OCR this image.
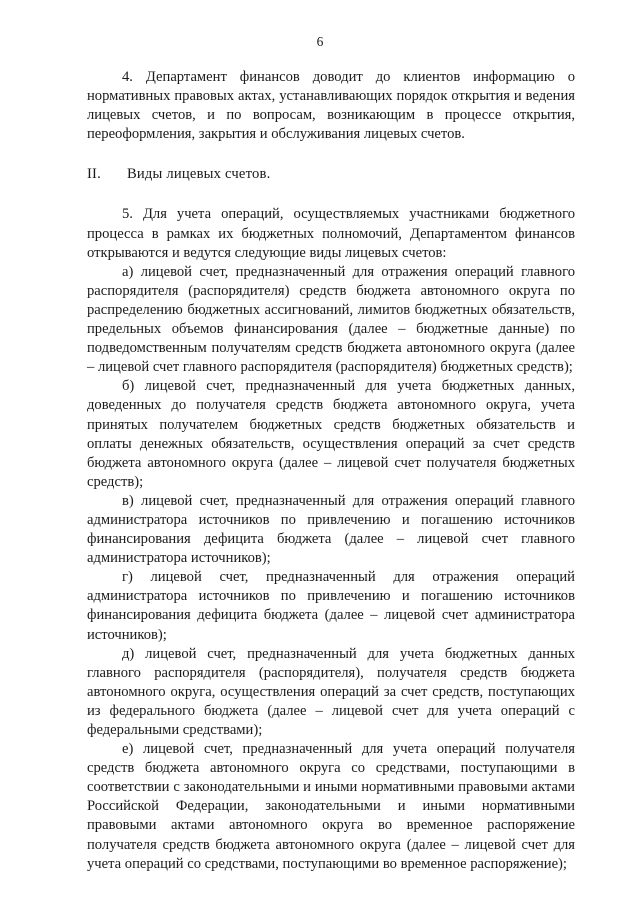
6

4. Департамент финансов доводит до клиентов информацию о нормативных правовых актах, устанавливающих порядок открытия и ведения лицевых счетов, и по вопросам, возникающим в процессе открытия, переоформления, закрытия и обслуживания лицевых счетов.

II. Виды лицевых счетов.

5. Для учета операций, осуществляемых участниками бюджетного процесса в рамках их бюджетных полномочий, Департаментом финансов открываются и ведутся следующие виды лицевых счетов:

а) лицевой счет, предназначенный для отражения операций главного распорядителя (распорядителя) средств бюджета автономного округа по распределению бюджетных ассигнований, лимитов бюджетных обязательств, предельных объемов финансирования (далее – бюджетные данные) по подведомственным получателям средств бюджета автономного округа (далее – лицевой счет главного распорядителя (распорядителя) бюджетных средств);

б) лицевой счет, предназначенный для учета бюджетных данных, доведенных до получателя средств бюджета автономного округа, учета принятых получателем бюджетных средств бюджетных обязательств и оплаты денежных обязательств, осуществления операций за счет средств бюджета автономного округа (далее – лицевой счет получателя бюджетных средств);

в) лицевой счет, предназначенный для отражения операций главного администратора источников по привлечению и погашению источников финансирования дефицита бюджета (далее – лицевой счет главного администратора источников);

г) лицевой счет, предназначенный для отражения операций администратора источников по привлечению и погашению источников финансирования дефицита бюджета (далее – лицевой счет администратора источников);

д) лицевой счет, предназначенный для учета бюджетных данных главного распорядителя (распорядителя), получателя средств бюджета автономного округа, осуществления операций за счет средств, поступающих из федерального бюджета (далее – лицевой счет для учета операций с федеральными средствами);

е) лицевой счет, предназначенный для учета операций получателя средств бюджета автономного округа со средствами, поступающими в соответствии с законодательными и иными нормативными правовыми актами Российской Федерации, законодательными и иными нормативными правовыми актами автономного округа во временное распоряжение получателя средств бюджета автономного округа (далее – лицевой счет для учета операций со средствами, поступающими во временное распоряжение);
